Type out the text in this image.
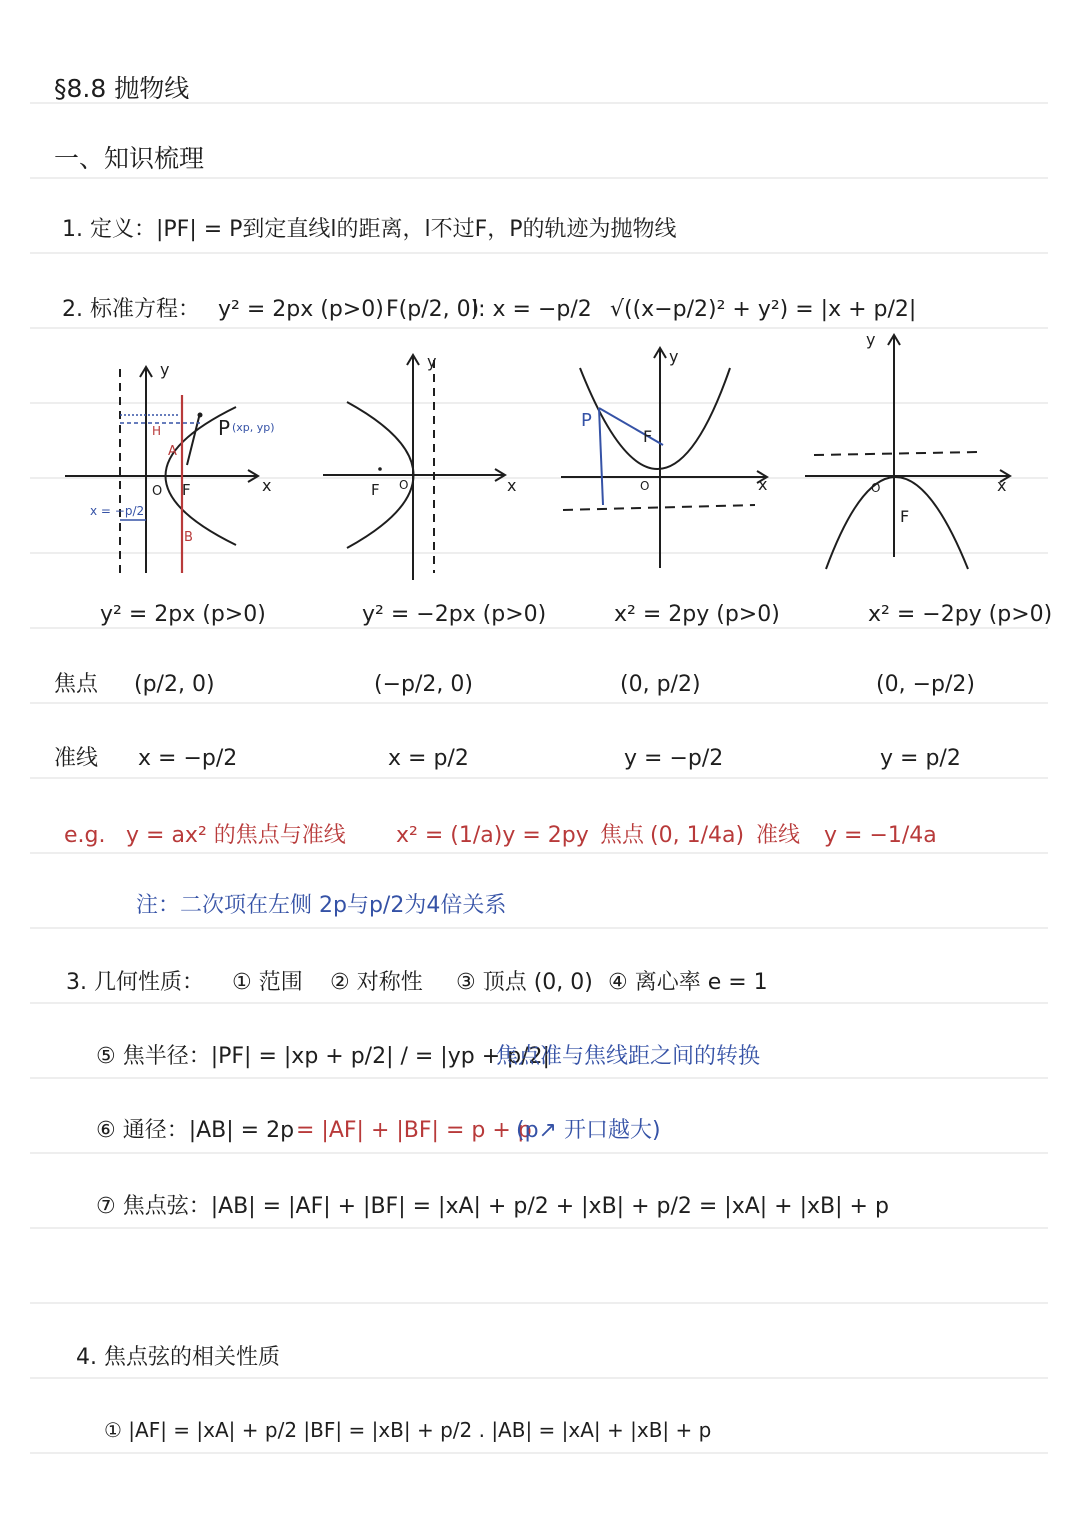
§8.8 抛物线
一、知识梳理
1. 定义：|PF| = P到定直线l的距离，l不过F，P的轨迹为抛物线
2. 标准方程： y² = 2px (p>0) F(p/2, 0)
l: x = −p/2 √((x−p/2)² + y²) = |x + p/2|
P (xp, yp)
A
B
H
F
O	x
y
x = −p/2
F O	x
y
P
F
O	x
y
F
O	x
y
y² = 2px (p>0)	y² = −2px (p>0)	x² = 2py (p>0)	x² = −2py (p>0)
焦点 (p/2, 0)	(−p/2, 0)	(0, p/2)	(0, −p/2)
准线 x = −p/2	x = p/2	y = −p/2	y = p/2
e.g. y = ax² 的焦点与准线 x² = (1/a)y = 2py 焦点 (0, 1/4a) 准线 y = −1/4a
注：二次项在左侧 2p与p/2为4倍关系
3. 几何性质： ① 范围 ② 对称性 ③ 顶点 (0, 0) ④ 离心率 e = 1
⑤ 焦半径：|PF| = |xp + p/2| / = |yp + p/2|
焦点准与焦线距之间的转换
⑥ 通径：|AB| = 2p = |AF| + |BF| = p + p
(p↗ 开口越大)
⑦ 焦点弦：|AB| = |AF| + |BF| = |xA| + p/2 + |xB| + p/2 = |xA| + |xB| + p
4. 焦点弦的相关性质
① |AF| = |xA| + p/2 |BF| = |xB| + p/2 . |AB| = |xA| + |xB| + p
